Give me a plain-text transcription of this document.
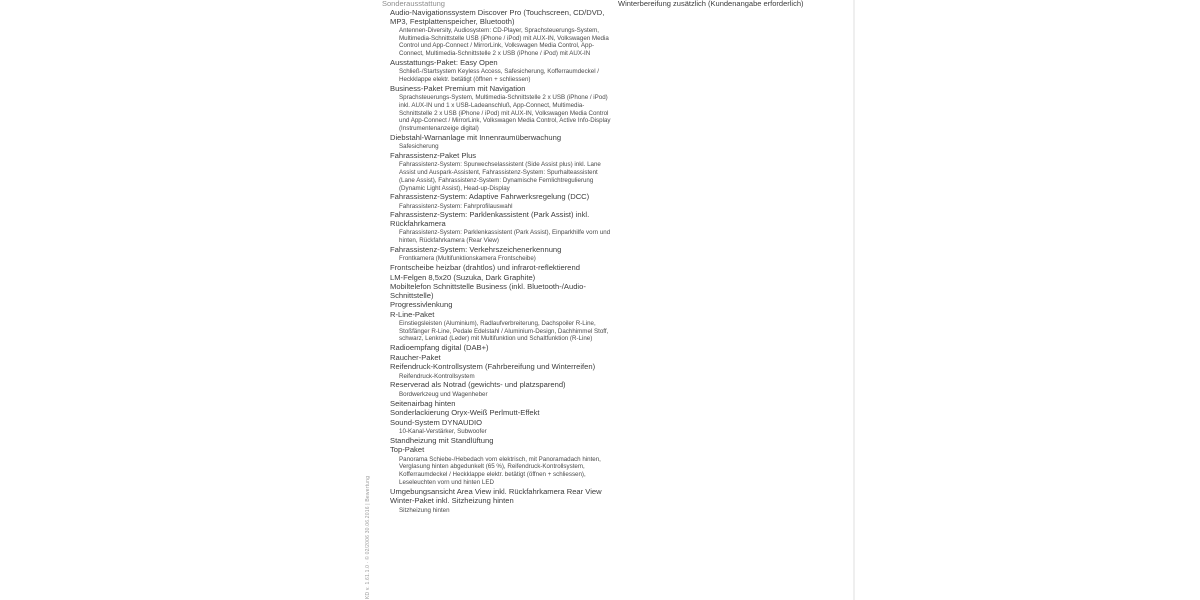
Sonderausstattung	Winterbereifung zusätzlich (Kundenangabe erforderlich)
Audio-Navigationssystem Discover Pro (Touchscreen, CD/DVD, MP3, Festplattenspeicher, Bluetooth)
Antennen-Diversity, Audiosystem: CD-Player, Sprachsteuerungs-System, Multimedia-Schnittstelle USB (iPhone / iPod) mit AUX-IN, Volkswagen Media Control und App-Connect / MirrorLink, Volkswagen Media Control, App-Connect, Multimedia-Schnittstelle 2 x USB (iPhone / iPod) mit AUX-IN
Ausstattungs-Paket: Easy Open
Schließ-/Startsystem Keyless Access, Safesicherung, Kofferraumdeckel / Heckklappe elektr. betätigt (öffnen + schliessen)
Business-Paket Premium mit Navigation
Sprachsteuerungs-System, Multimedia-Schnittstelle 2 x USB (iPhone / iPod) inkl. AUX-IN und 1 x USB-Ladeanschluß, App-Connect, Multimedia-Schnittstelle 2 x USB (iPhone / iPod) mit AUX-IN, Volkswagen Media Control und App-Connect / MirrorLink, Volkswagen Media Control, Active Info-Display (Instrumentenanzeige digital)
Diebstahl-Warnanlage mit Innenraumüberwachung
Safesicherung
Fahrassistenz-Paket Plus
Fahrassistenz-System: Spurwechselassistent (Side Assist plus) inkl. Lane Assist und Auspark-Assistent, Fahrassistenz-System: Spurhalteassistent (Lane Assist), Fahrassistenz-System: Dynamische Fernlichtregulierung (Dynamic Light Assist), Head-up-Display
Fahrassistenz-System: Adaptive Fahrwerksregelung (DCC)
Fahrassistenz-System: Fahrprofilauswahl
Fahrassistenz-System: Parklenkassistent (Park Assist) inkl. Rückfahrkamera
Fahrassistenz-System: Parklenkassistent (Park Assist), Einparkhilfe vorn und hinten, Rückfahrkamera (Rear View)
Fahrassistenz-System: Verkehrszeichenerkennung
Frontkamera (Multifunktionskamera Frontscheibe)
Frontscheibe heizbar (drahtlos) und infrarot-reflektierend
LM-Felgen 8,5x20 (Suzuka, Dark Graphite)
Mobiltelefon Schnittstelle Business (inkl. Bluetooth-/Audio-Schnittstelle)
Progressivlenkung
R-Line-Paket
Einstiegsleisten (Aluminium), Radlaufverbreiterung, Dachspoiler R-Line, Stoßfänger R-Line, Pedale Edelstahl / Aluminium-Design, Dachhimmel Stoff, schwarz, Lenkrad (Leder) mit Multifunktion und Schaltfunktion (R-Line)
Radioempfang digital (DAB+)
Raucher-Paket
Reifendruck-Kontrollsystem (Fahrbereifung und Winterreifen)
Reifendruck-Kontrollsystem
Reserverad als Notrad (gewichts- und platzsparend)
Bordwerkzeug und Wagenheber
Seitenairbag hinten
Sonderlackierung Oryx-Weiß Perlmutt-Effekt
Sound-System DYNAUDIO
10-Kanal-Verstärker, Subwoofer
Standheizung mit Standlüftung
Top-Paket
Panorama Schiebe-/Hebedach vorn elektrisch, mit Panoramadach hinten, Verglasung hinten abgedunkelt (65 %), Reifendruck-Kontrollsystem, Kofferraumdeckel / Heckklappe elektr. betätigt (öffnen + schliessen), Leseleuchten vorn und hinten LED
Umgebungsansicht Area View inkl. Rückfahrkamera Rear View
Winter-Paket inkl. Sitzheizung hinten
Sitzheizung hinten
KD v. 1.61.1.0 · © 02/2006 30.06.2016 | Bewertung
